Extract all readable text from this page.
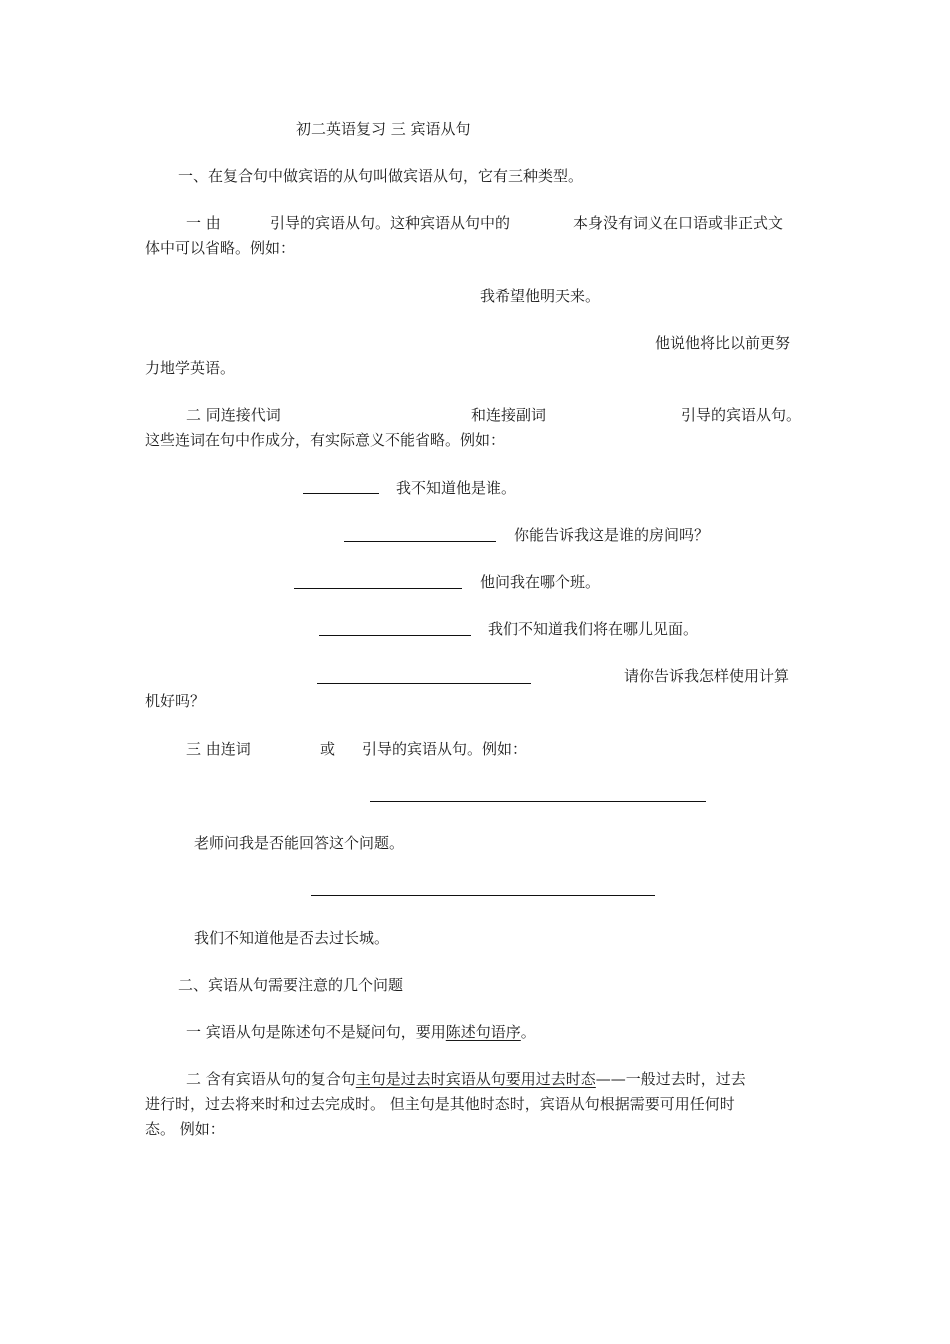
初二英语复习 三 宾语从句
一、在复合句中做宾语的从句叫做宾语从句，它有三种类型。
一 由	引导的宾语从句。这种宾语从句中的	本身没有词义在口语或非正式文
体中可以省略。例如：
我希望他明天来。
他说他将比以前更努
力地学英语。
二 同连接代词	和连接副词	引导的宾语从句。
这些连词在句中作成分，有实际意义不能省略。例如：
我不知道他是谁。
你能告诉我这是谁的房间吗？
他问我在哪个班。
我们不知道我们将在哪儿见面。
请你告诉我怎样使用计算
机好吗？
三 由连词	或 引导的宾语从句。例如：
老师问我是否能回答这个问题。
我们不知道他是否去过长城。
二、宾语从句需要注意的几个问题
一 宾语从句是陈述句不是疑问句，要用陈述句语序。
二 含有宾语从句的复合句主句是过去时宾语从句要用过去时态——一般过去时，过去
进行时，过去将来时和过去完成时。 但主句是其他时态时，宾语从句根据需要可用任何时
态。 例如：
